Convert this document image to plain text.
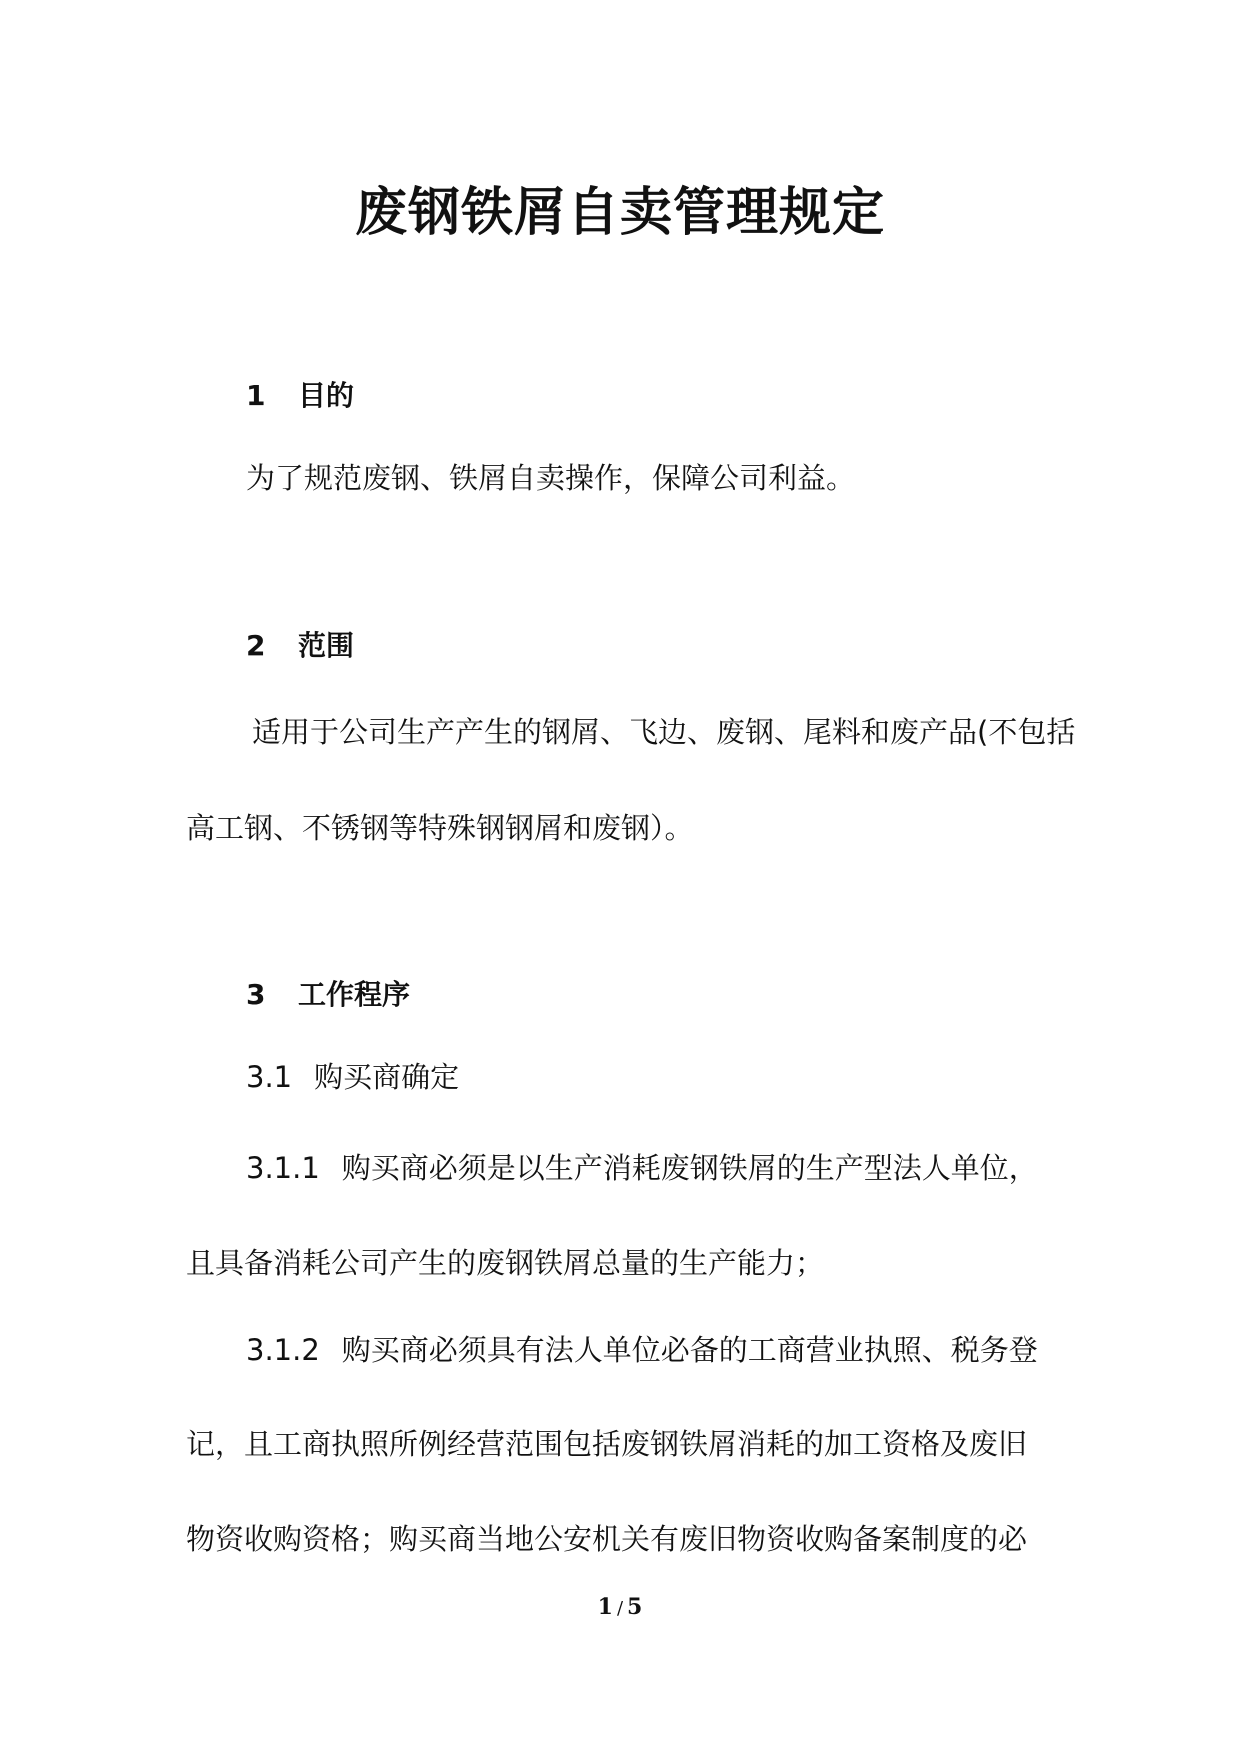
废钢铁屑自卖管理规定
1 目的

为了规范废钢、铁屑自卖操作，保障公司利益。

2 范围

适用于公司生产产生的钢屑、飞边、废钢、尾料和废产品(不包括

高工钢、不锈钢等特殊钢钢屑和废钢）。

3 工作程序

3.1 购买商确定

3.1.1 购买商必须是以生产消耗废钢铁屑的生产型法人单位，

且具备消耗公司产生的废钢铁屑总量的生产能力；

3.1.2 购买商必须具有法人单位必备的工商营业执照、税务登

记，且工商执照所例经营范围包括废钢铁屑消耗的加工资格及废旧

物资收购资格；购买商当地公安机关有废旧物资收购备案制度的必

1 / 5
